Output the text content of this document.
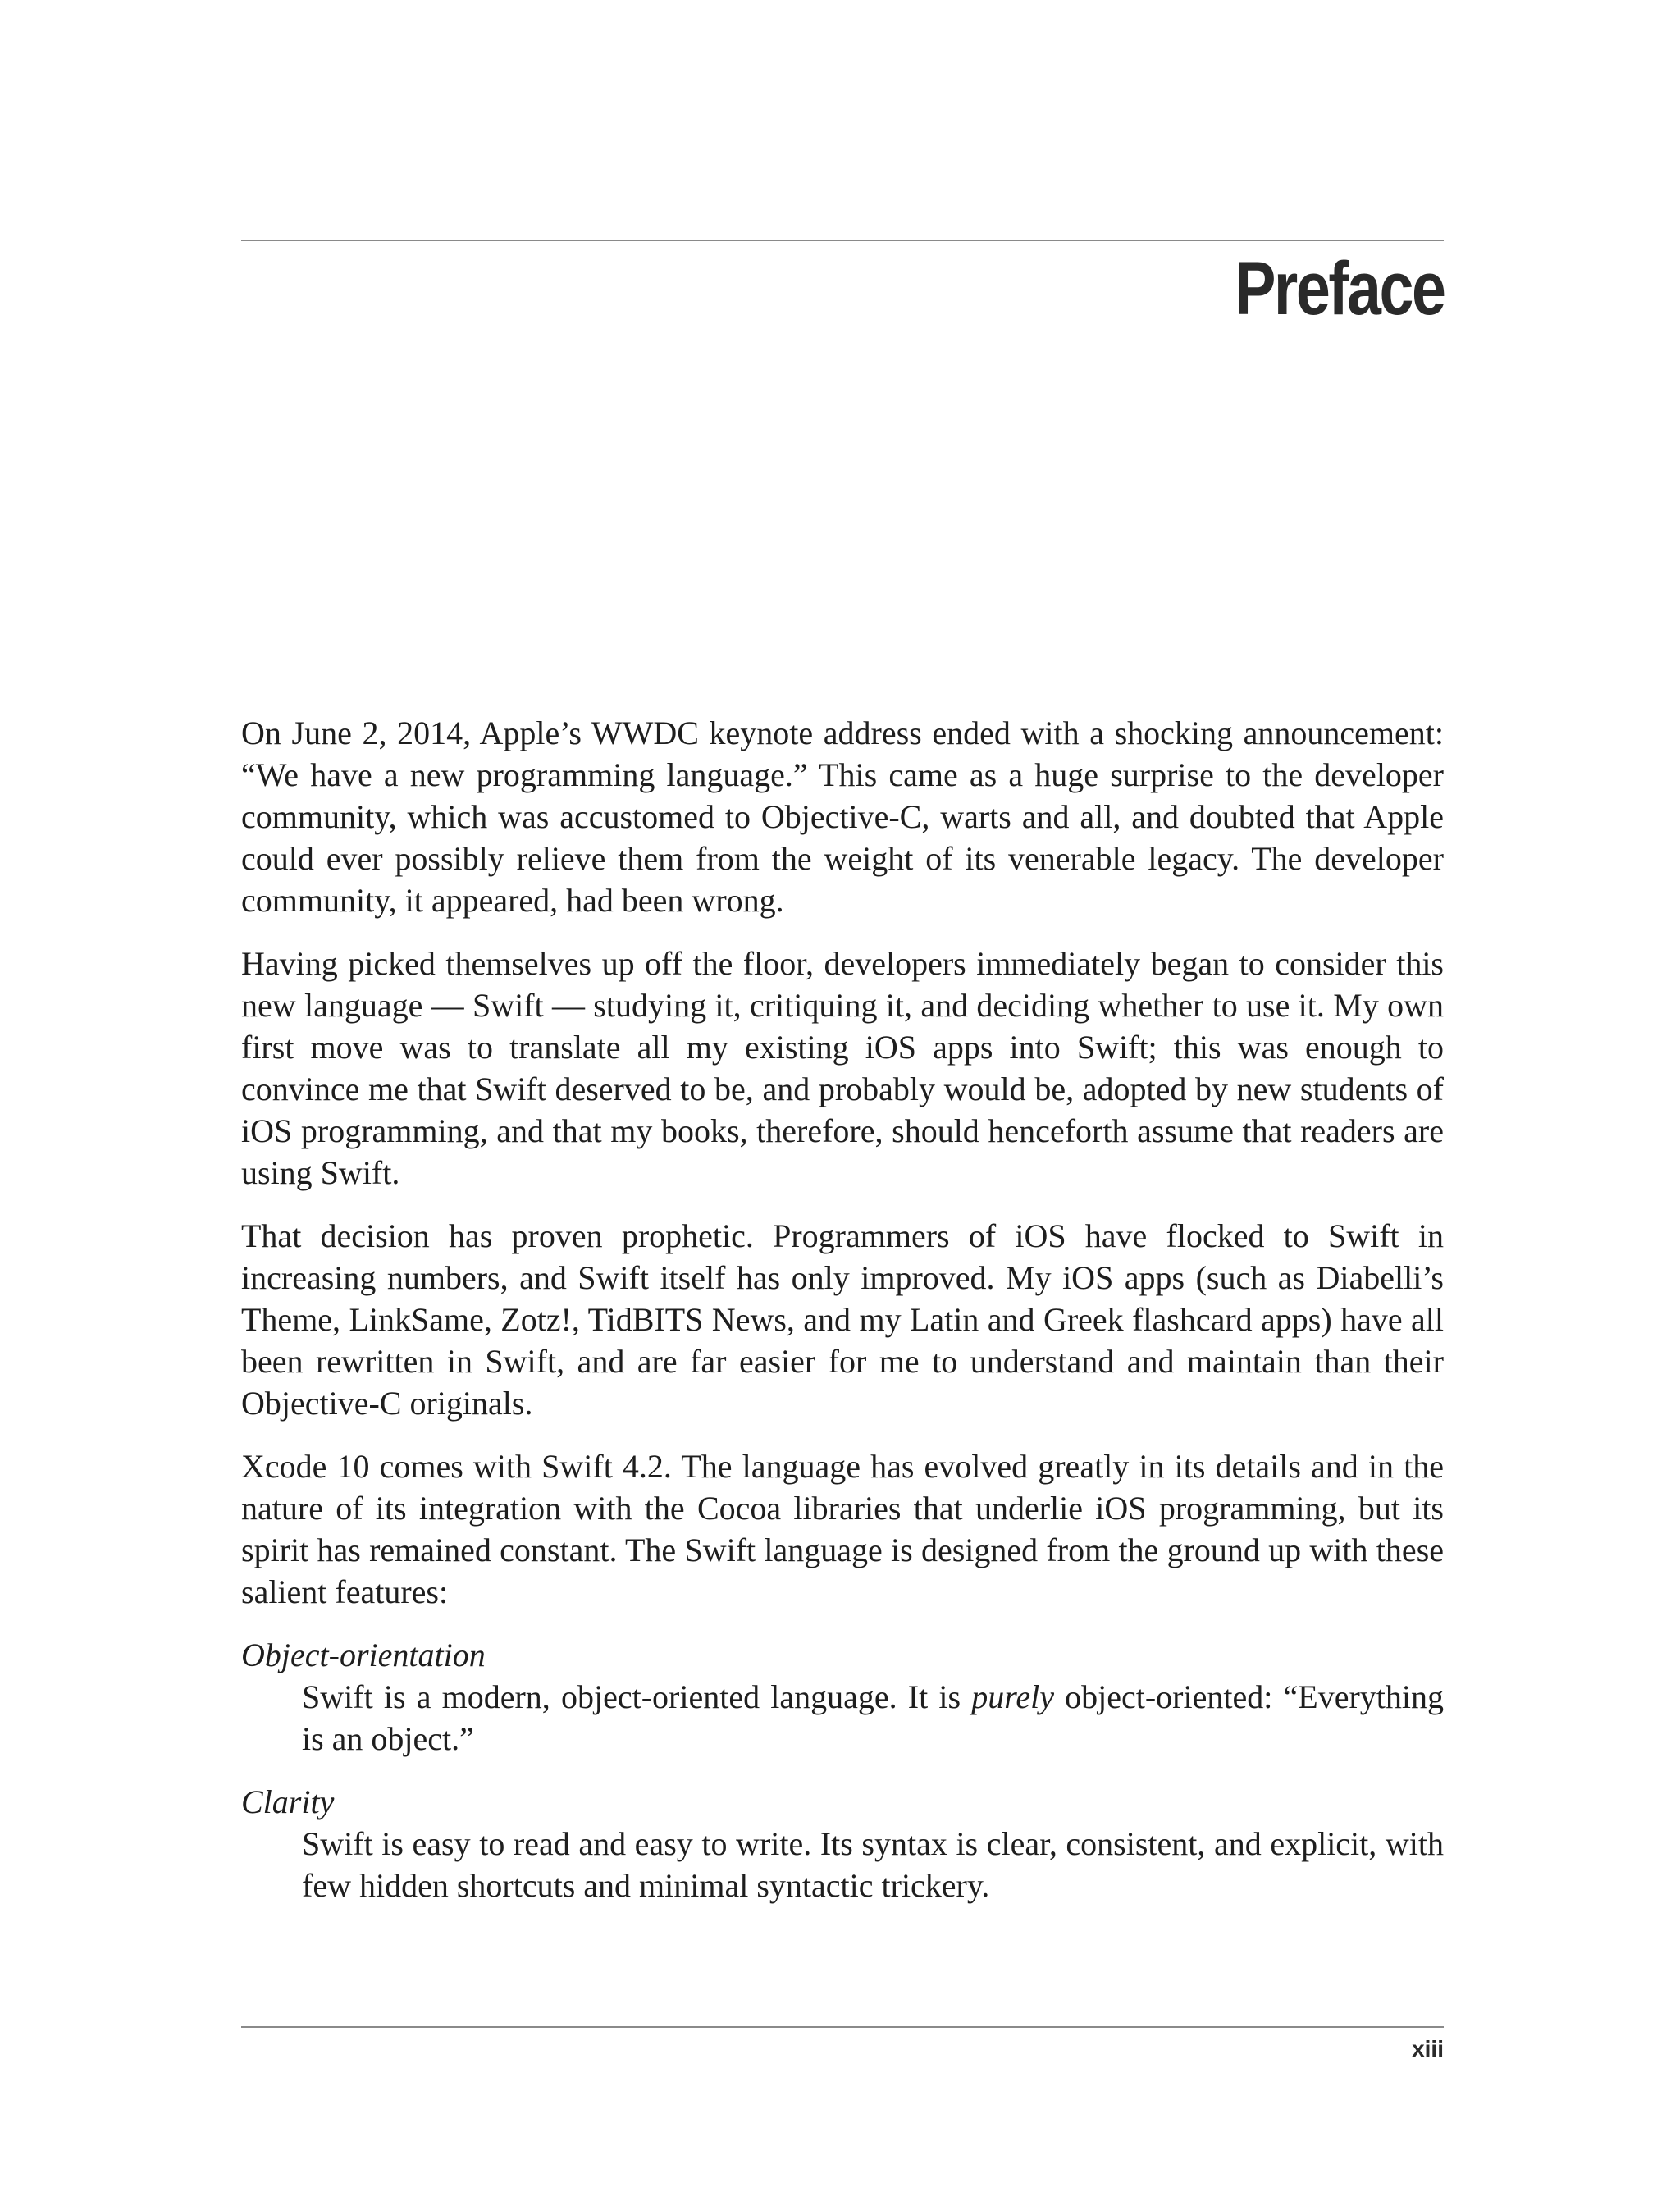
Preface

On June 2, 2014, Apple’s WWDC keynote address ended with a shocking announcement: “We have a new programming language.” This came as a huge surprise to the developer community, which was accustomed to Objective-C, warts and all, and doubted that Apple could ever possibly relieve them from the weight of its venerable legacy. The developer community, it appeared, had been wrong.

Having picked themselves up off the floor, developers immediately began to consider this new language — Swift — studying it, critiquing it, and deciding whether to use it. My own first move was to translate all my existing iOS apps into Swift; this was enough to convince me that Swift deserved to be, and probably would be, adopted by new students of iOS programming, and that my books, therefore, should henceforth assume that readers are using Swift.

That decision has proven prophetic. Programmers of iOS have flocked to Swift in increasing numbers, and Swift itself has only improved. My iOS apps (such as Diabelli’s Theme, LinkSame, Zotz!, TidBITS News, and my Latin and Greek flashcard apps) have all been rewritten in Swift, and are far easier for me to understand and maintain than their Objective-C originals.

Xcode 10 comes with Swift 4.2. The language has evolved greatly in its details and in the nature of its integration with the Cocoa libraries that underlie iOS programming, but its spirit has remained constant. The Swift language is designed from the ground up with these salient features:

Object-orientation
Swift is a modern, object-oriented language. It is purely object-oriented: “Everything is an object.”
Clarity
Swift is easy to read and easy to write. Its syntax is clear, consistent, and explicit, with few hidden shortcuts and minimal syntactic trickery.
xiii
